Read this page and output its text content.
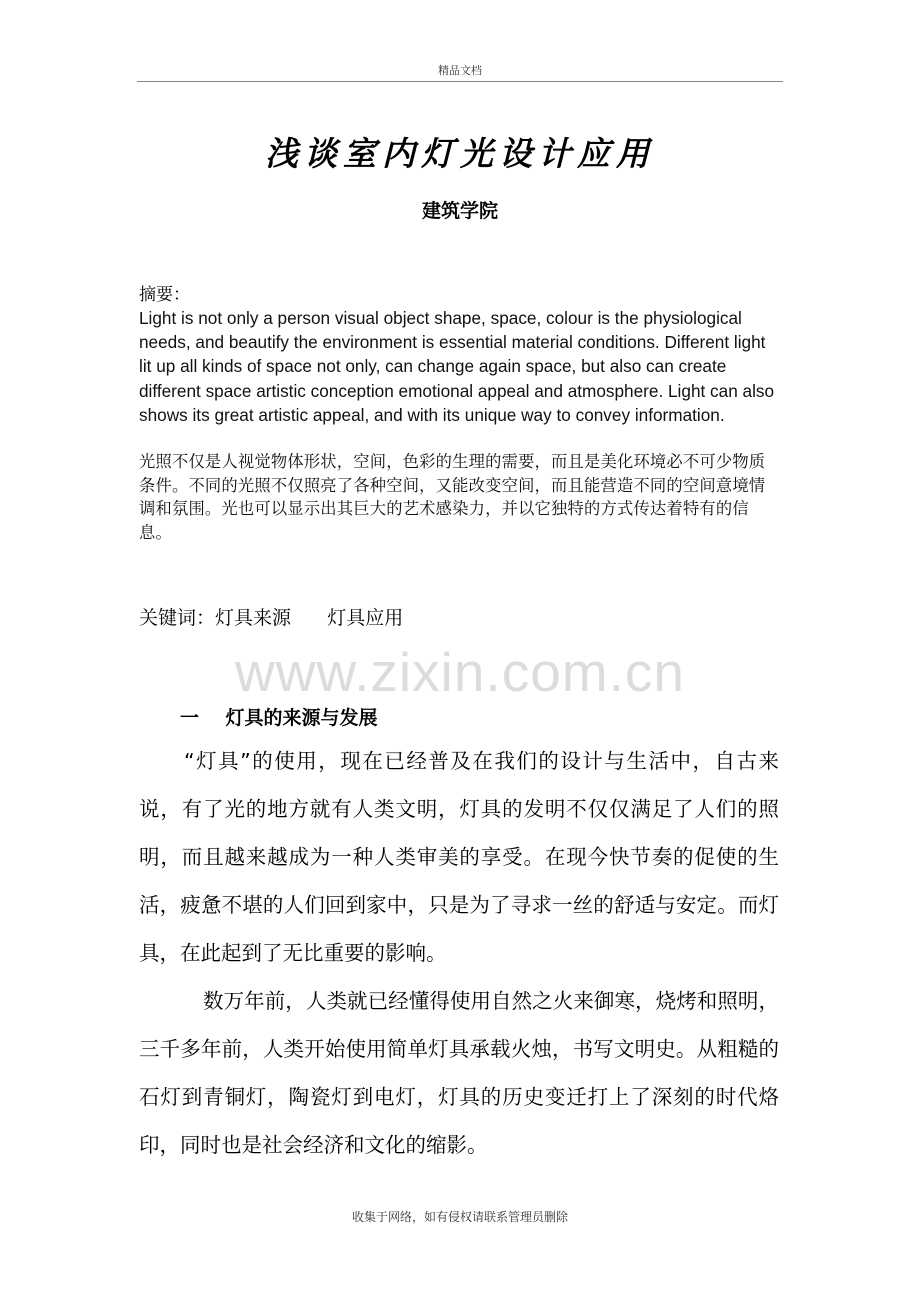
精品文档
浅谈室内灯光设计应用
建筑学院
摘要：
Light is not only a person visual object shape, space, colour is the physiological needs, and beautify the environment is essential material conditions. Different light lit up all kinds of space not only, can change again space, but also can create different space artistic conception emotional appeal and atmosphere. Light can also shows its great artistic appeal, and with its unique way to convey information.
光照不仅是人视觉物体形状，空间，色彩的生理的需要，而且是美化环境必不可少物质条件。不同的光照不仅照亮了各种空间，又能改变空间，而且能营造不同的空间意境情调和氛围。光也可以显示出其巨大的艺术感染力，并以它独特的方式传达着特有的信息。
关键词：灯具来源      灯具应用
www.zixin.com.cn
一    灯具的来源与发展
“灯具”的使用，现在已经普及在我们的设计与生活中，自古来说，有了光的地方就有人类文明，灯具的发明不仅仅满足了人们的照明，而且越来越成为一种人类审美的享受。在现今快节奏的促使的生活，疲惫不堪的人们回到家中，只是为了寻求一丝的舒适与安定。而灯具，在此起到了无比重要的影响。
数万年前，人类就已经懂得使用自然之火来御寒，烧烤和照明，三千多年前，人类开始使用简单灯具承载火烛，书写文明史。从粗糙的石灯到青铜灯，陶瓷灯到电灯，灯具的历史变迁打上了深刻的时代烙印，同时也是社会经济和文化的缩影。
收集于网络，如有侵权请联系管理员删除
